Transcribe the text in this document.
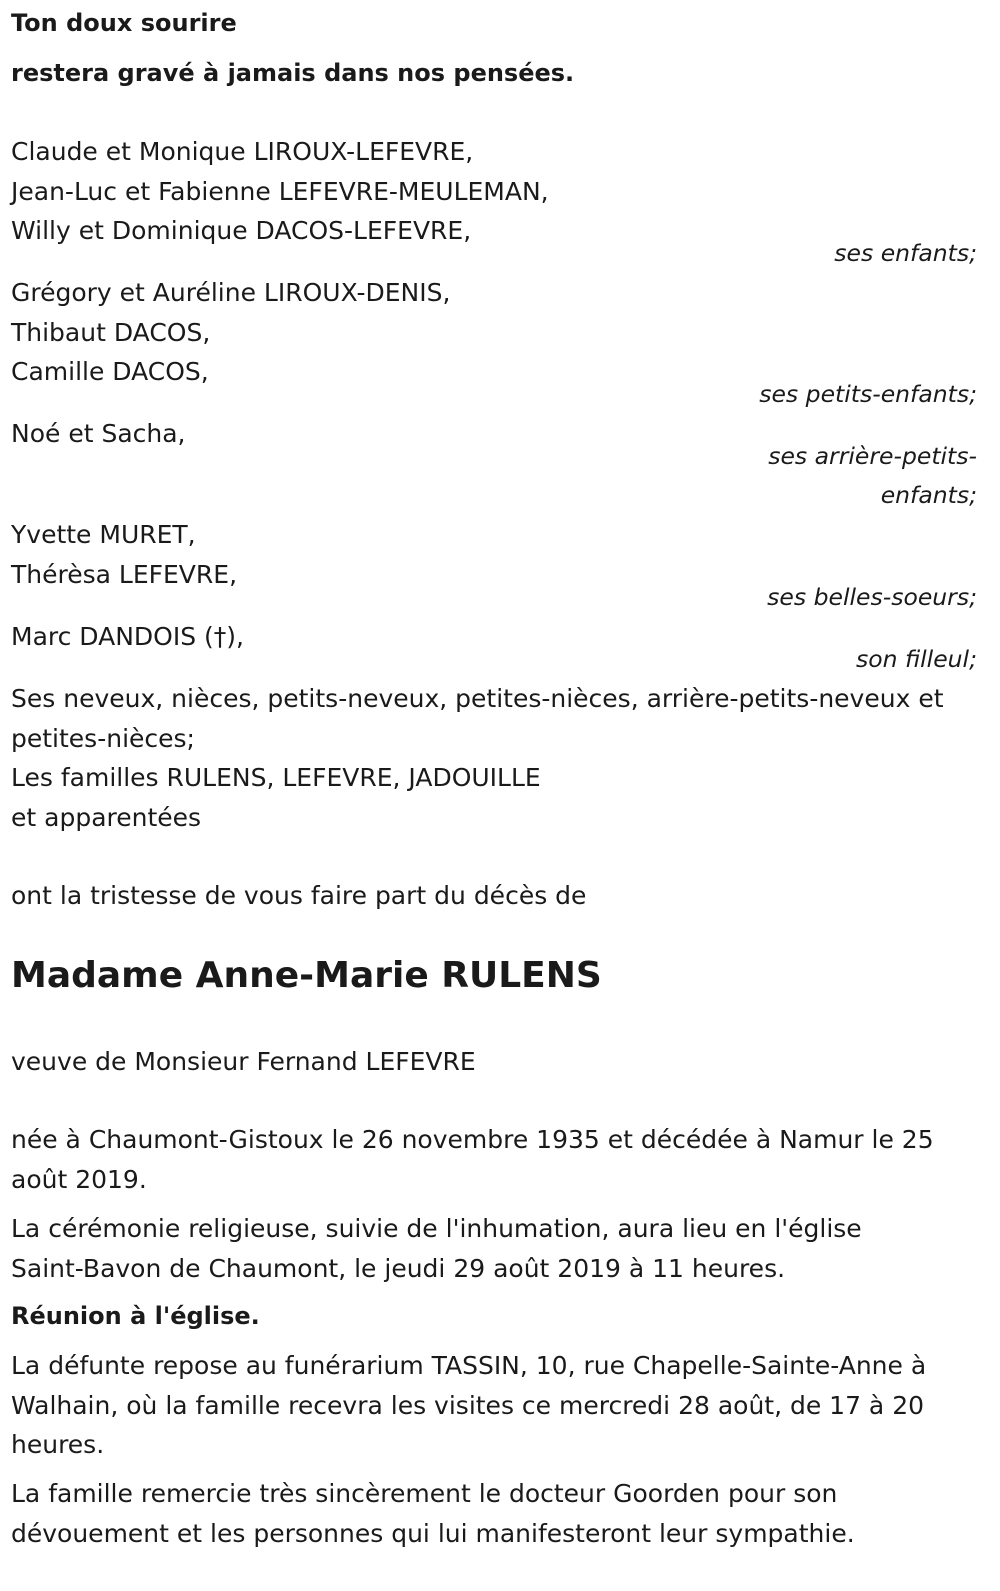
Ton doux sourire
restera gravé à jamais dans nos pensées.
Claude et Monique LIROUX-LEFEVRE,
Jean-Luc et Fabienne LEFEVRE-MEULEMAN,
Willy et Dominique DACOS-LEFEVRE,
ses enfants;
Grégory et Auréline LIROUX-DENIS,
Thibaut DACOS,
Camille DACOS,
ses petits-enfants;
Noé et Sacha,
ses arrière-petits-
enfants;
Yvette MURET,
Thérèsa LEFEVRE,
ses belles-soeurs;
Marc DANDOIS (†),
son filleul;
Ses neveux, nièces, petits-neveux, petites-nièces, arrière-petits-neveux et
petites-nièces;
Les familles RULENS, LEFEVRE, JADOUILLE
et apparentées
ont la tristesse de vous faire part du décès de
Madame Anne-Marie RULENS
veuve de Monsieur Fernand LEFEVRE
née à Chaumont-Gistoux le 26 novembre 1935 et décédée à Namur le 25
août 2019.
La cérémonie religieuse, suivie de l'inhumation, aura lieu en l'église
Saint-Bavon de Chaumont, le jeudi 29 août 2019 à 11 heures.
Réunion à l'église.
La défunte repose au funérarium TASSIN, 10, rue Chapelle-Sainte-Anne à
Walhain, où la famille recevra les visites ce mercredi 28 août, de 17 à 20
heures.
La famille remercie très sincèrement le docteur Goorden pour son
dévouement et les personnes qui lui manifesteront leur sympathie.
